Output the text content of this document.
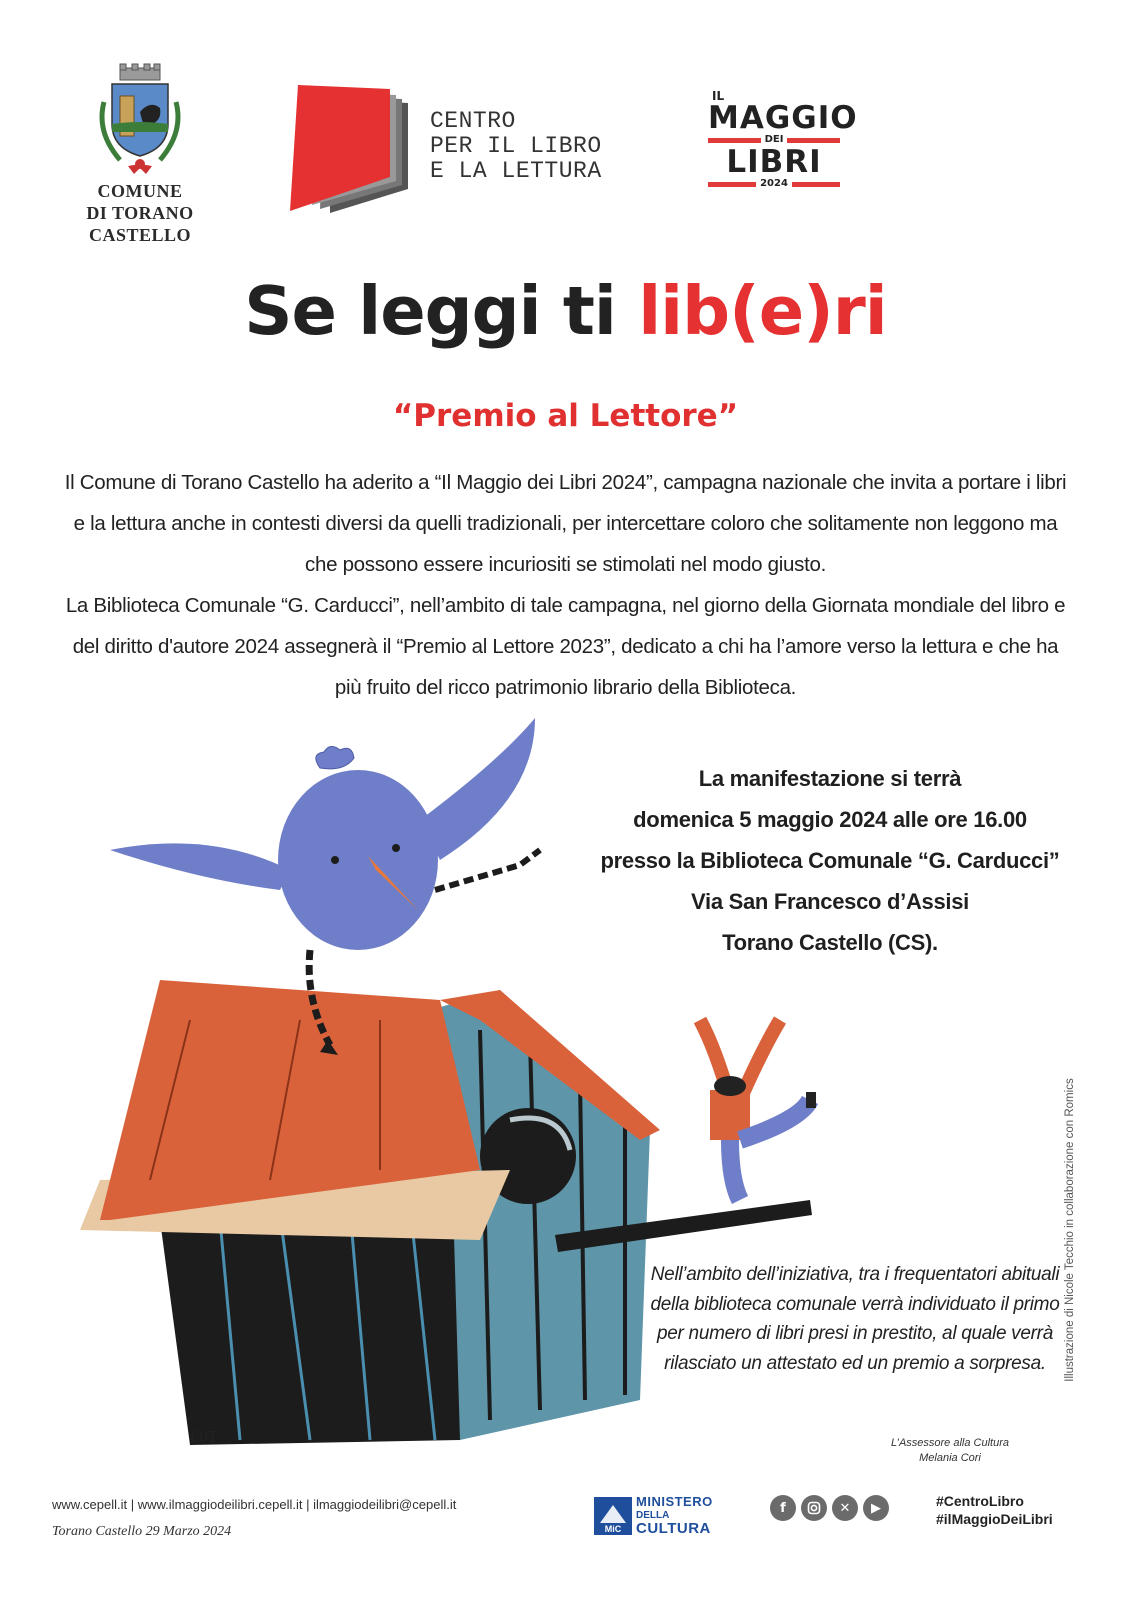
COMUNE
DI TORANO CASTELLO
CENTRO
PER IL LIBRO
E LA LETTURA
IL
MAGGIO
DEI
LIBRI
2024
Se leggi ti lib(e)ri
“Premio al Lettore”

Il Comune di Torano Castello ha aderito a “Il Maggio dei Libri 2024”, campagna nazionale che invita a portare i libri e la lettura anche in contesti diversi da quelli tradizionali, per intercettare coloro che solitamente non leggono ma che possono essere incuriositi se stimolati nel modo giusto.

La Biblioteca Comunale “G. Carducci”, nell’ambito di tale campagna, nel giorno della Giornata mondiale del libro e del diritto d'autore 2024 assegnerà il “Premio al Lettore 2023”, dedicato a chi ha l’amore verso la lettura e che ha più fruito del ricco patrimonio librario della Biblioteca.

COI
La manifestazione si terrà
domenica 5 maggio 2024 alle ore 16.00
presso la Biblioteca Comunale “G. Carducci”
Via San Francesco d’Assisi
Torano Castello (CS).
Nell’ambito dell’iniziativa, tra i frequentatori abituali della biblioteca comunale verrà individuato il primo per numero di libri presi in prestito, al quale verrà rilasciato un attestato ed un premio a sorpresa.
L’Assessore alla Cultura
Melania Cori
Illustrazione di Nicole Tecchio in collaborazione con Romics
www.cepell.it | www.ilmaggiodeilibri.cepell.it | ilmaggiodeilibri@cepell.it
Torano Castello 29 Marzo 2024	MiC
MINISTERO
DELLA
CULTURA
f	✕	▶	#CentroLibro
#ilMaggioDeiLibri
